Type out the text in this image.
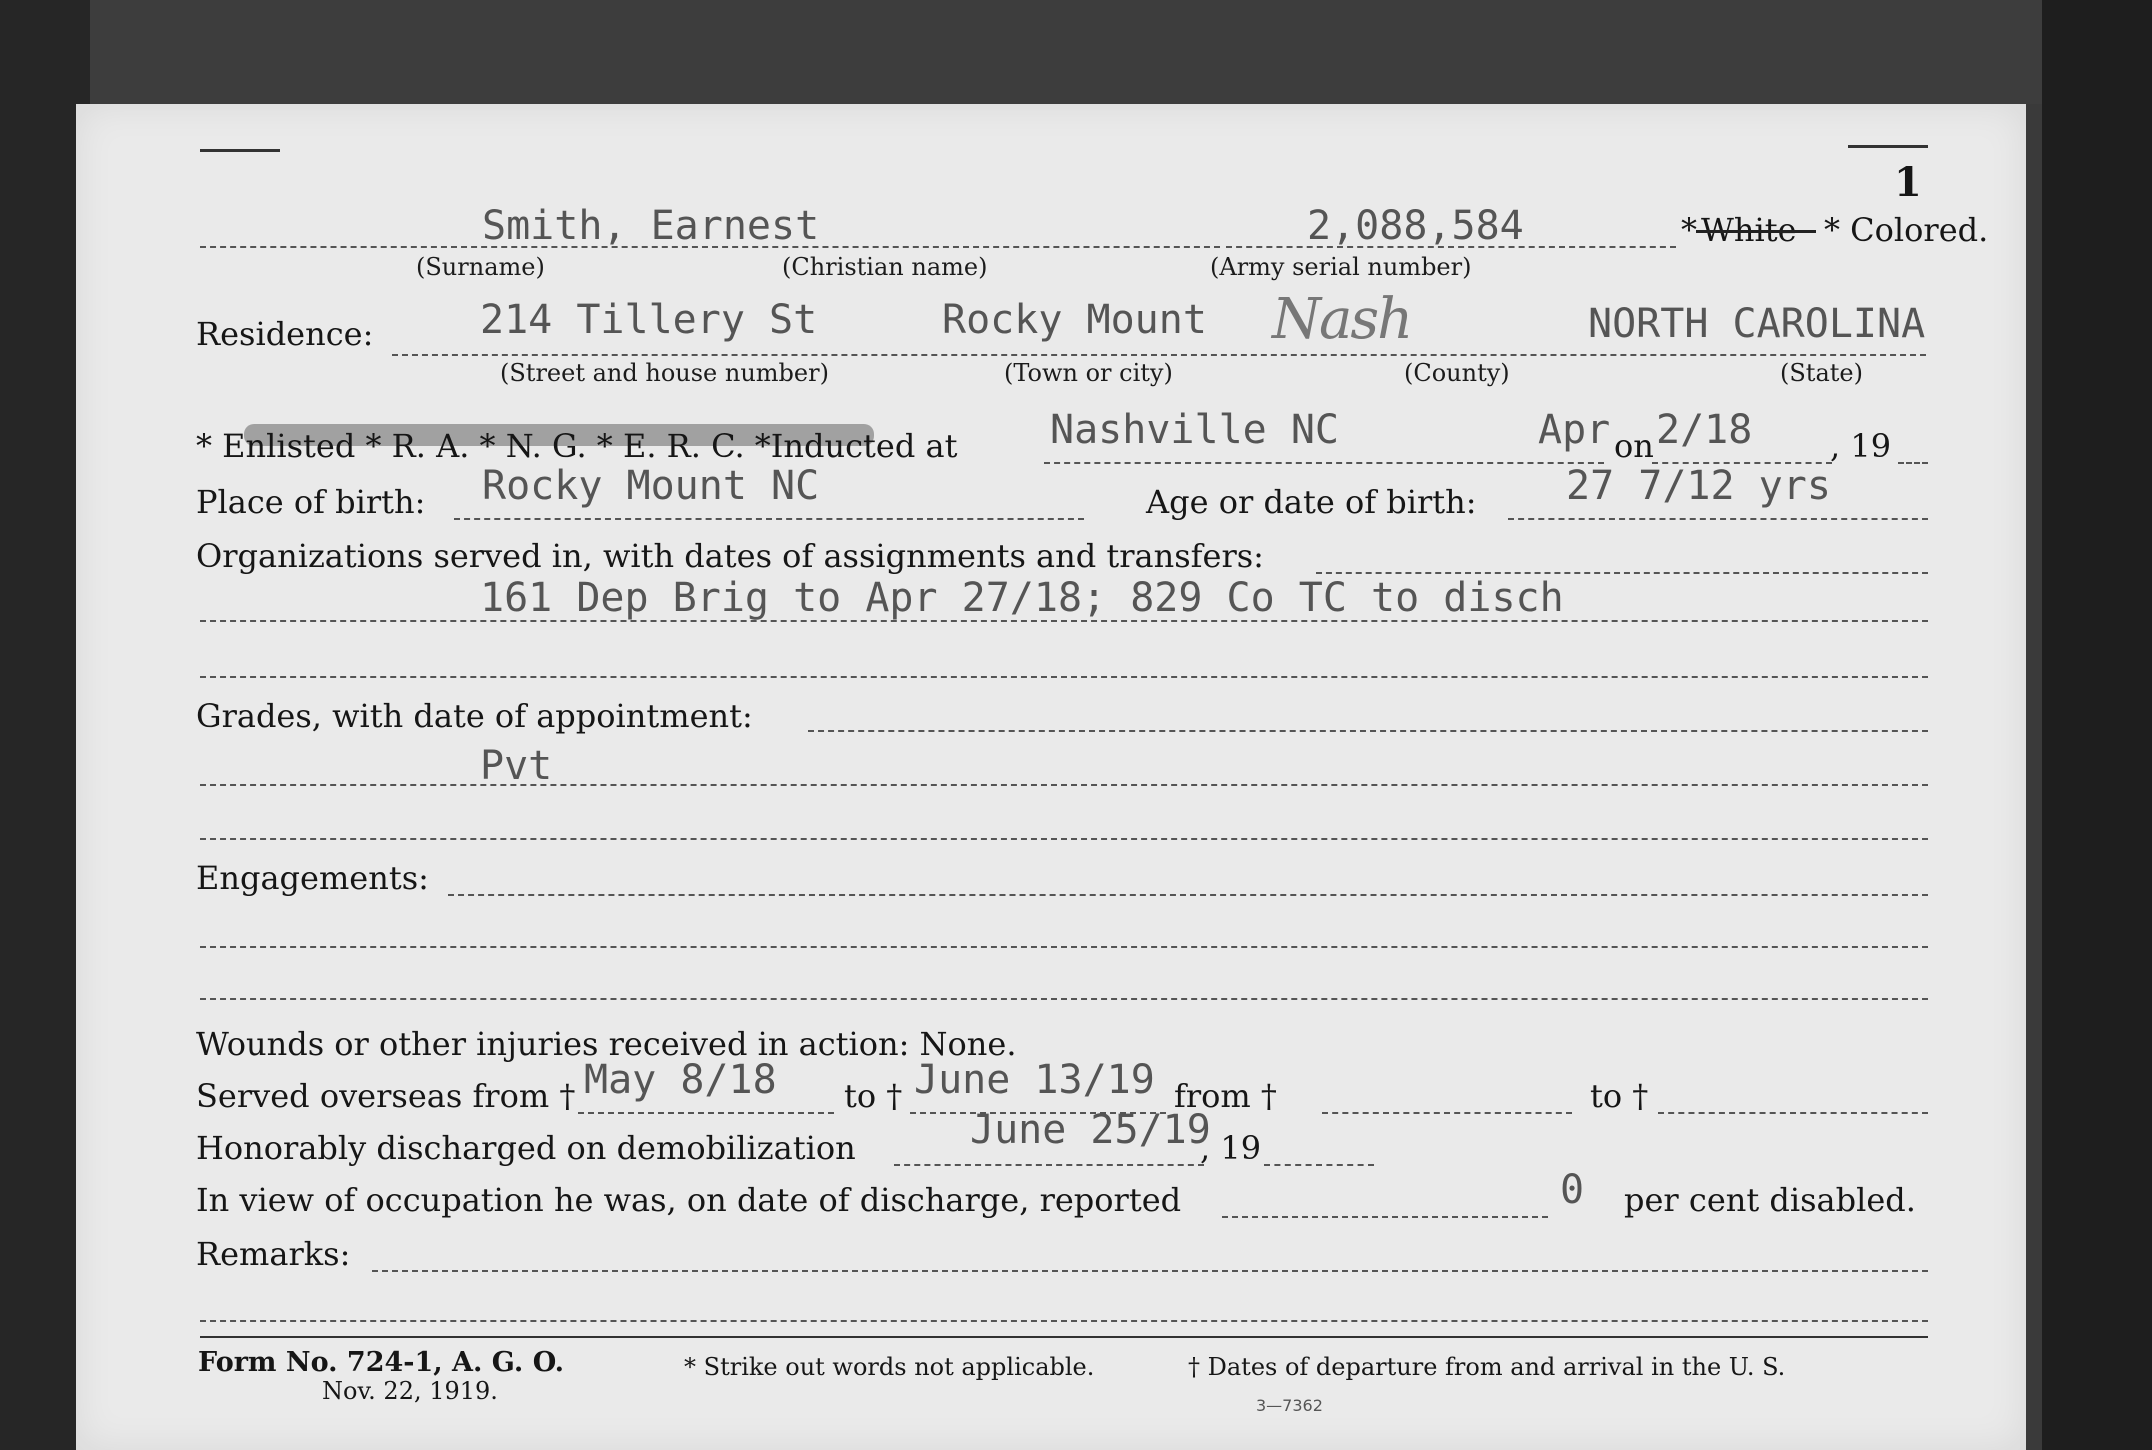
1
Smith, Earnest	2,088,584	* White * Colored.
(Surname)	(Christian name)	(Army serial number)
Residence:	214 Tillery St	Rocky Mount Nash	NORTH CAROLINA
(Street and house number)	(Town or city)	(County)	(State)
* Enlisted * R. A. * N. G. * E. R. C. *Inducted at Nashville NC	Apr on 2/18 , 19
Place of birth: Rocky Mount NC	Age or date of birth: 27 7/12 yrs
Organizations served in, with dates of assignments and transfers:
161 Dep Brig to Apr 27/18; 829 Co TC to disch
Grades, with date of appointment:
Pvt
Engagements:
Wounds or other injuries received in action: None.
Served overseas from † May 8/18 to † June 13/19 from †	to †
Honorably discharged on demobilization	June 25/19
, 19
In view of occupation he was, on date of discharge, reported	0 per cent disabled.
Remarks:
Form No. 724-1, A. G. O.
Nov. 22, 1919.
* Strike out words not applicable.	† Dates of departure from and arrival in the U. S.
3—7362
